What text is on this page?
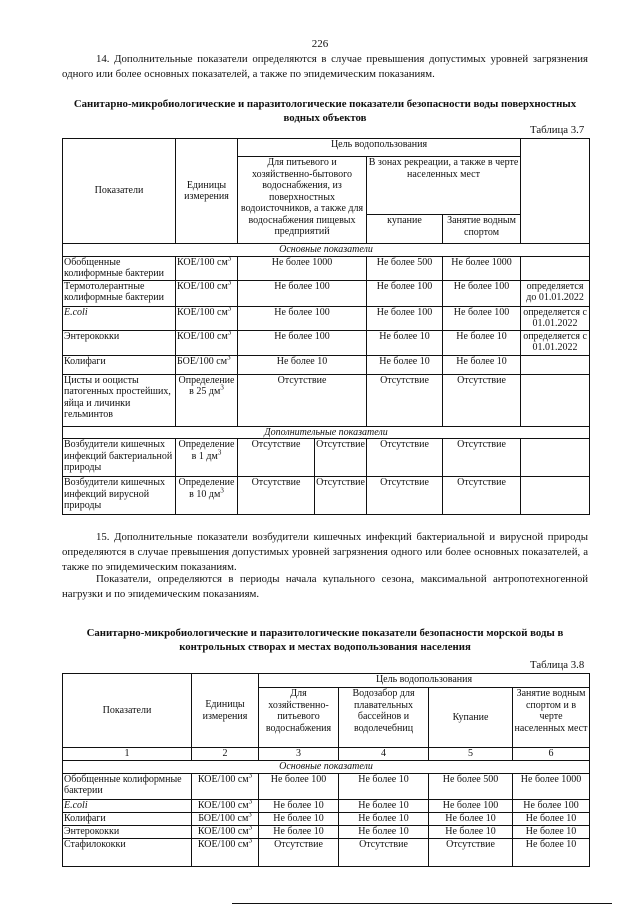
226
14. Дополнительные показатели определяются в случае превышения допустимых уровней загрязнения одного или более основных показателей, а также по эпидемическим показаниям.
Санитарно-микробиологические и паразитологические показатели безопасности воды поверхностных водных объектов
Таблица 3.7
Показатели	Единицы измерения	Цель водопользования				
		Для питьевого и хозяйственно-бытового водоснабжения, из поверхностных водоисточников, а также для водоснабжения пищевых предприятий		В зонах рекреации, а также в черте населенных мест		
				купание	Занятие водным спортом	
Основные показатели						
Обобщенные колиформные бактерии	КОЕ/100 $см^3$	Не более 1000		Не более 500	Не более 1000	
Термотолерантные колиформные бактерии	КОЕ/100 $см^3$	Не более 100		Не более 100	Не более 100	определяется до 01.01.2022
E.coli	КОЕ/100 $см^3$	Не более 100		Не более 100	Не более 100	определяется с 01.01.2022
Энтерококки	КОЕ/100 $см^3$	Не более 100		Не более 10	Не более 10	определяется с 01.01.2022
Колифаги	БОЕ/100 $см^3$	Не более 10		Не более 10	Не более 10	
Цисты и ооцисты патогенных простейших, яйца и личинки гельминтов	Определение в 25 $дм^3$	Отсутствие		Отсутствие	Отсутствие	
Дополнительные показатели						
Возбудители кишечных инфекций бактериальной природы	Определение в 1 $дм^3$	Отсутствие	Отсутствие	Отсутствие	Отсутствие	
Возбудители кишечных инфекций вирусной природы	Определение в 10 $дм^3$	Отсутствие	Отсутствие	Отсутствие	Отсутствие	
15. Дополнительные показатели возбудители кишечных инфекций бактериальной и вирусной природы определяются в случае превышения допустимых уровней загрязнения одного или более основных показателей, а также по эпидемическим показаниям.
Показатели, определяются в периоды начала купального сезона, максимальной антропотехногенной нагрузки и по эпидемическим показаниям.
Санитарно-микробиологические и паразитологические показатели безопасности морской воды в контрольных створах и местах водопользования населения
Таблица 3.8
Показатели	Единицы измерения	Цель водопользования			
		Для хозяйственно-питьевого водоснабжения	Водозабор для плавательных бассейнов и водолечебниц	Купание	Занятие водным спортом и в черте населенных мест
1	2	3	4	5	6
Основные показатели					
Обобщенные колиформные бактерии	КОЕ/100 $см^3$	Не более 100	Не более 10	Не более 500	Не более 1000
E.coli	КОЕ/100 $см^3$	Не более 10	Не более 10	Не более 100	Не более 100
Колифаги	БОЕ/100 $см^3$	Не более 10	Не более 10	Не более 10	Не более 10
Энтерококки	КОЕ/100 $см^3$	Не более 10	Не более 10	Не более 10	Не более 10
Стафилококки	КОЕ/100 $см^3$	Отсутствие	Отсутствие	Отсутствие	Не более 10
